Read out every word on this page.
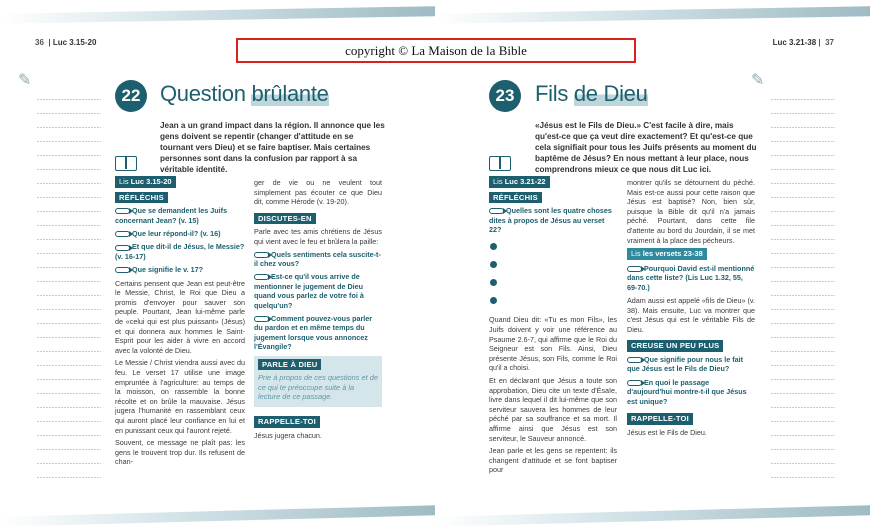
copyright © La Maison de la Bible
36  | Luc 3.15-20
✎
22 Question brûlante
Jean a un grand impact dans la région. Il annonce que les gens doivent se repentir (changer d'attitude en se tournant vers Dieu) et se faire baptiser. Mais certaines personnes sont dans la confusion par rapport à sa véritable identité.
Lis Luc 3.15-20
RÉFLÉCHIS
Que se demandent les Juifs concernant Jean? (v. 15)
Que leur répond-il? (v. 16)
Et que dit-il de Jésus, le Messie? (v. 16-17)
Que signifie le v. 17?

Certains pensent que Jean est peut-être le Messie, Christ, le Roi que Dieu a promis d'envoyer pour sauver son peuple. Pourtant, Jean lui-même parle de «celui qui est plus puissant» (Jésus) et qui donnera aux hommes le Saint-Esprit pour les aider à vivre en accord avec la volonté de Dieu.

Le Messie / Christ viendra aussi avec du feu. Le verset 17 utilise une image empruntée à l'agriculture: au temps de la moisson, on rassemble la bonne récolte et on brûle la mauvaise. Jésus jugera l'humanité en rassemblant ceux qui auront placé leur confiance en lui et en punissant ceux qui l'auront rejeté.

Souvent, ce message ne plaît pas: les gens le trouvent trop dur. Ils refusent de chan-

ger de vie ou ne veulent tout simplement pas écouter ce que Dieu dit, comme Hérode (v. 19-20).

DISCUTES-EN

Parle avec tes amis chrétiens de Jésus qui vient avec le feu et brûlera la paille:

Quels sentiments cela suscite-t-il chez vous?
Est-ce qu'il vous arrive de mentionner le jugement de Dieu quand vous parlez de votre foi à quelqu'un?
Comment pouvez-vous parler du pardon et en même temps du jugement lorsque vous annoncez l'Évangile?
PARLE À DIEU
Prie à propos de ces questions et de ce qui te préoccupe suite à la lecture de ce passage.
RAPPELLE-TOI

Jésus jugera chacun.

Luc 3.21-38 |  37
✎
23 Fils de Dieu
«Jésus est le Fils de Dieu.» C'est facile à dire, mais qu'est-ce que ça veut dire exactement? Et qu'est-ce que cela signifiait pour tous les Juifs présents au moment du baptême de Jésus? En nous mettant à leur place, nous comprendrons mieux ce que nous dit Luc ici.
Lis Luc 3.21-22
RÉFLÉCHIS
Quelles sont les quatre choses dites à propos de Jésus au verset 22?

Quand Dieu dit: «Tu es mon Fils», les Juifs doivent y voir une référence au Psaume 2.6-7, qui affirme que le Roi du Seigneur est son Fils. Ainsi, Dieu présente Jésus, son Fils, comme le Roi qu'il a choisi.

Et en déclarant que Jésus a toute son approbation, Dieu cite un texte d'Ésaïe, livre dans lequel il dit lui-même que son serviteur sauvera les hommes de leur péché par sa souffrance et sa mort. Il affirme ainsi que Jésus est son serviteur, le Sauveur annoncé.

Jean parle et les gens se repentent: ils changent d'attitude et se font baptiser pour

montrer qu'ils se détournent du péché. Mais est-ce aussi pour cette raison que Jésus est baptisé? Non, bien sûr, puisque la Bible dit qu'il n'a jamais péché. Pourtant, dans cette file d'attente au bord du Jourdain, il se met vraiment à la place des pécheurs.

Lis les versets 23-38
Pourquoi David est-il mentionné dans cette liste? (Lis Luc 1.32, 55, 69-70.)

Adam aussi est appelé «fils de Dieu» (v. 38). Mais ensuite, Luc va montrer que c'est Jésus qui est le véritable Fils de Dieu.

CREUSE UN PEU PLUS
Que signifie pour nous le fait que Jésus est le Fils de Dieu?
En quoi le passage d'aujourd'hui montre-t-il que Jésus est unique?
RAPPELLE-TOI

Jésus est le Fils de Dieu.
